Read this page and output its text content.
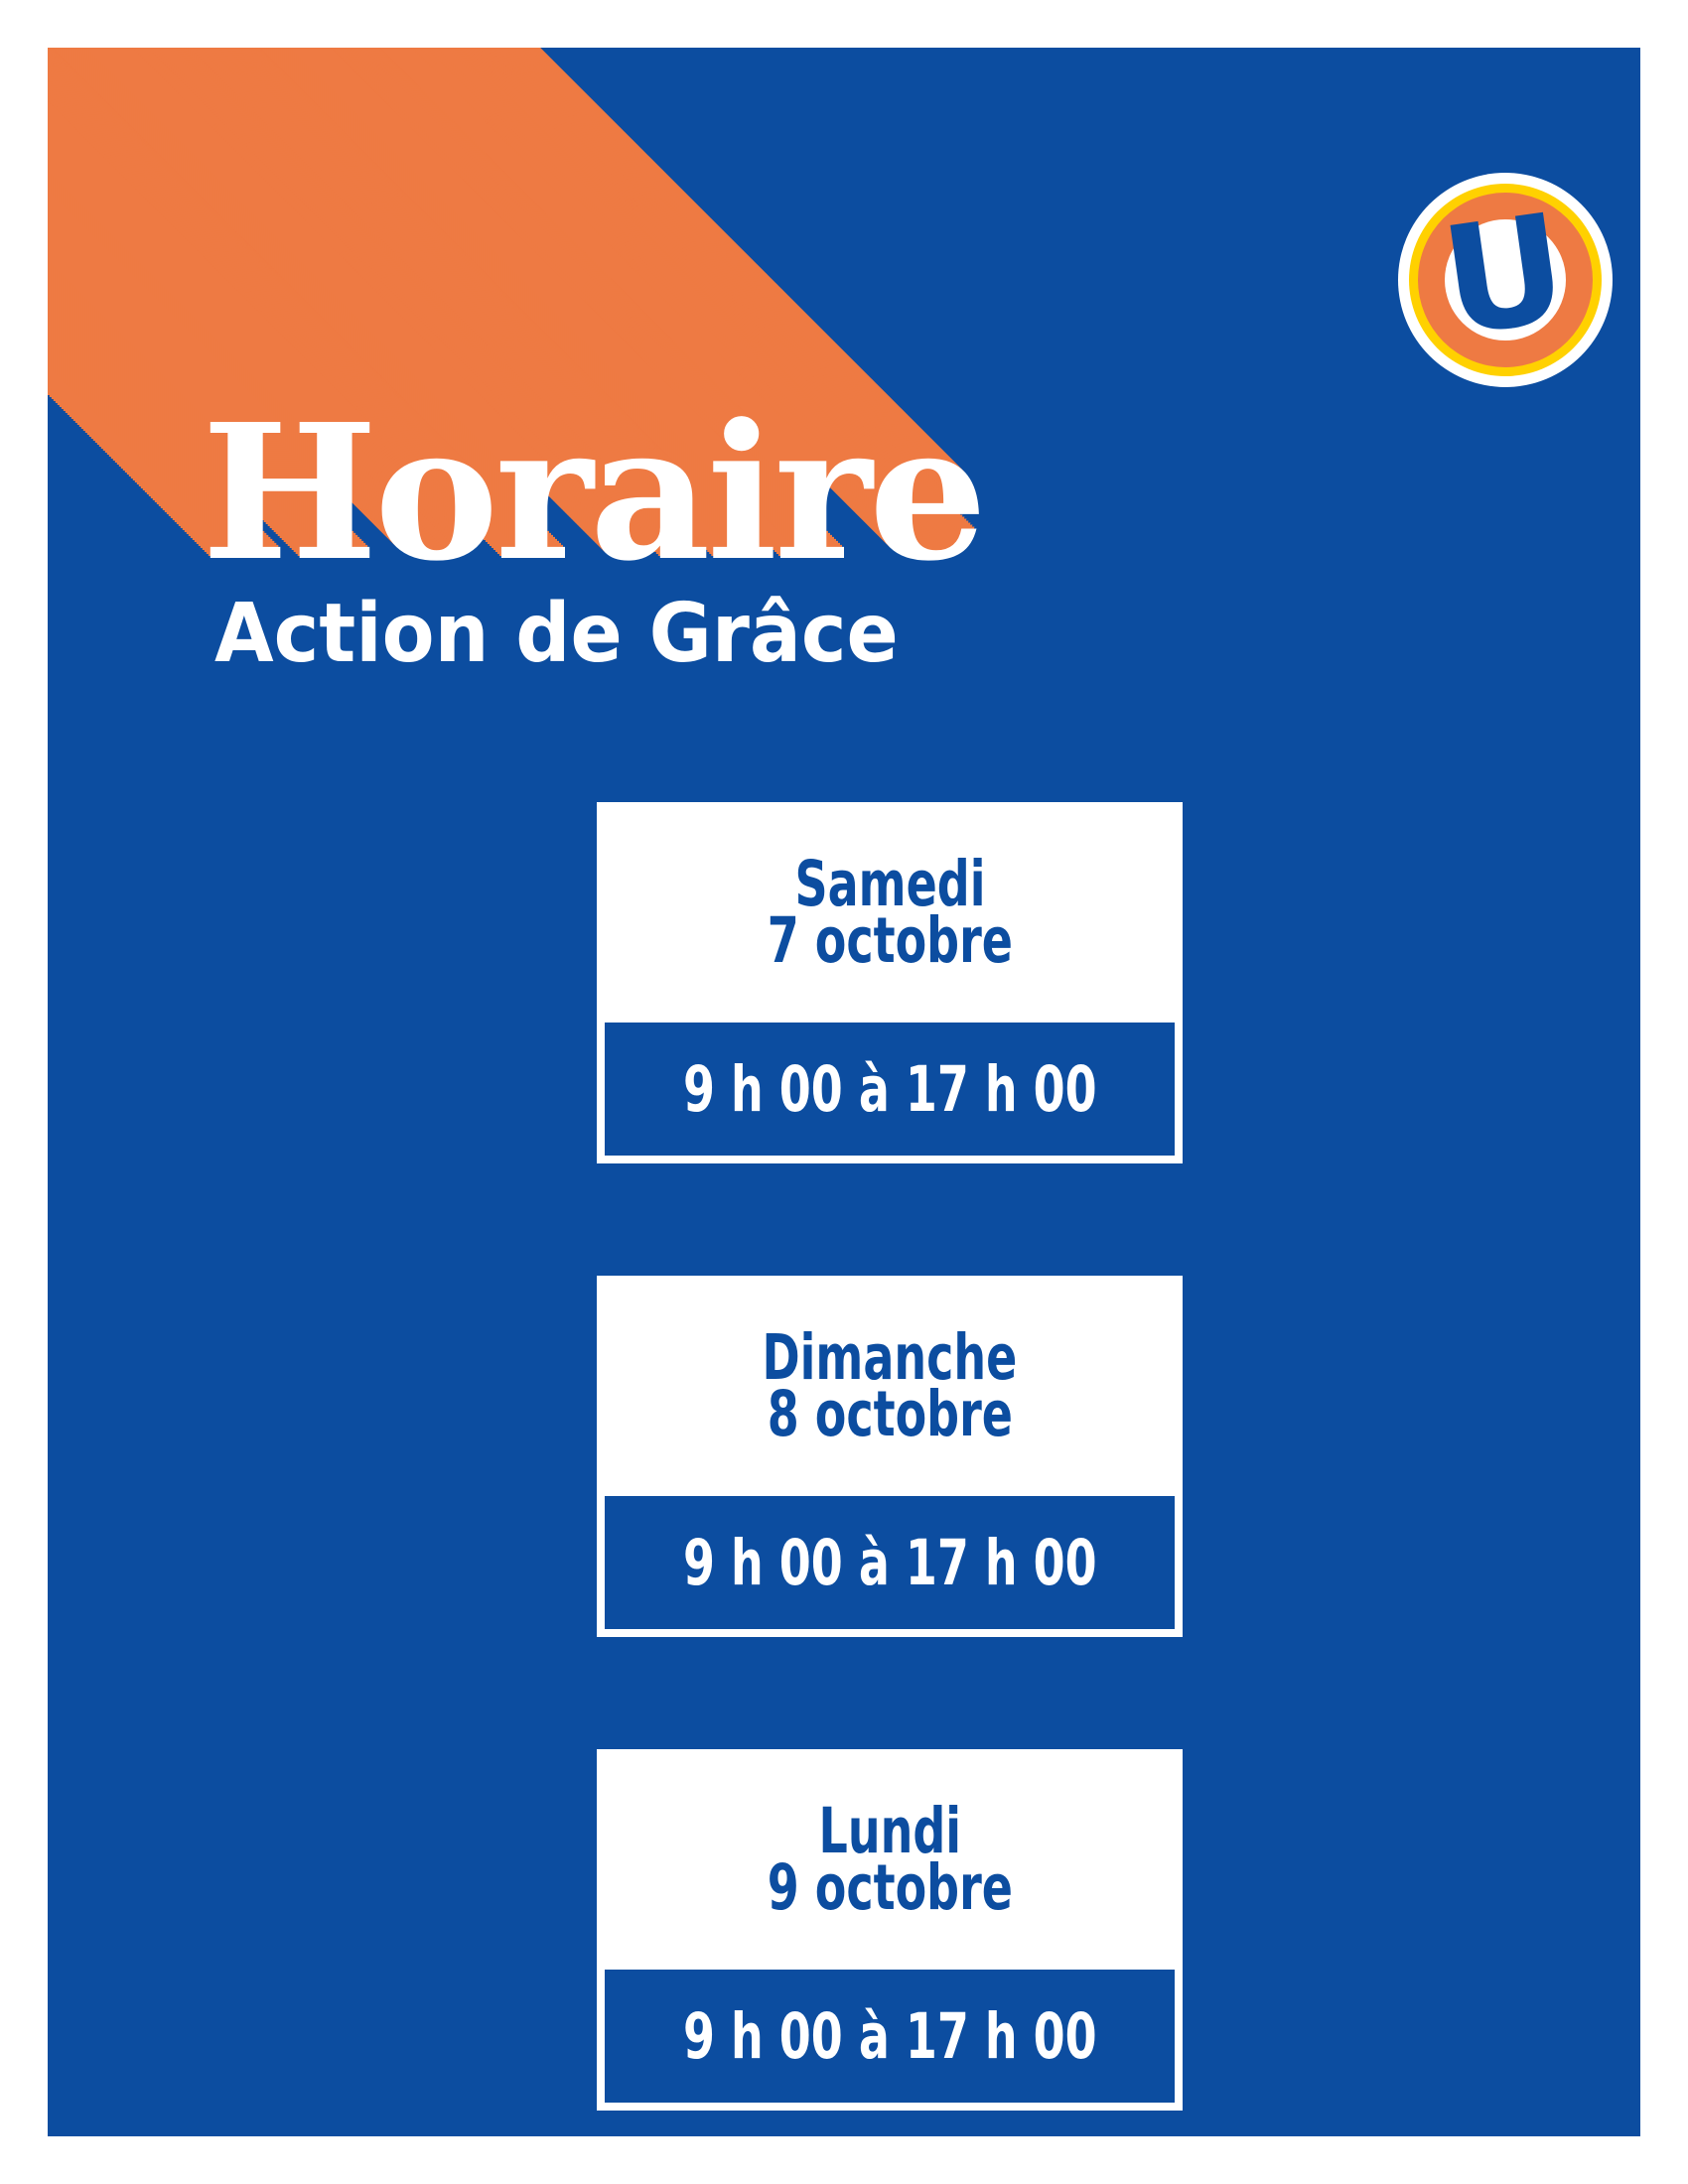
Horaire
Action de Grâce
U
Samedi
7 octobre
9 h 00 à 17 h 00
Dimanche
8 octobre
9 h 00 à 17 h 00
Lundi
9 octobre
9 h 00 à 17 h 00
